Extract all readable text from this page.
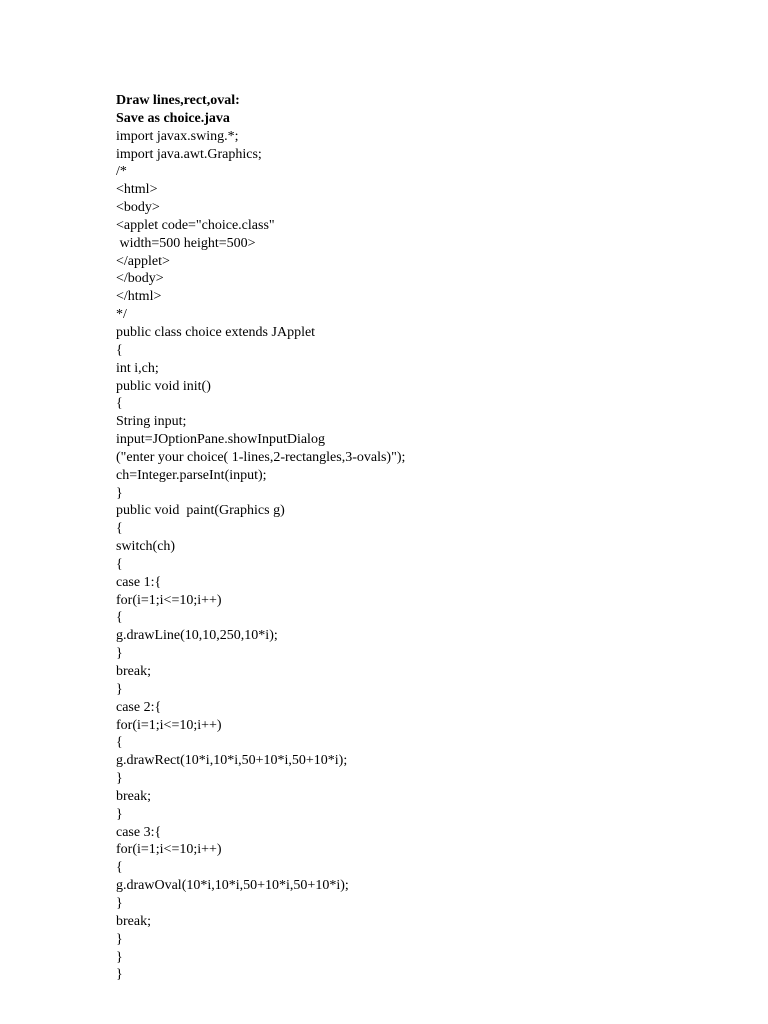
Draw lines,rect,oval:
Save as choice.java
import javax.swing.*;
import java.awt.Graphics;
/*
<html>
<body>
<applet code="choice.class"
width=500 height=500>
</applet>
</body>
</html>
*/
public class choice extends JApplet
{
int i,ch;
public void init()
{
String input;
input=JOptionPane.showInputDialog
("enter your choice( 1-lines,2-rectangles,3-ovals)");
ch=Integer.parseInt(input);
}
public void  paint(Graphics g)
{
switch(ch)
{
case 1:{
for(i=1;i<=10;i++)
{
g.drawLine(10,10,250,10*i);
}
break;
}
case 2:{
for(i=1;i<=10;i++)
{
g.drawRect(10*i,10*i,50+10*i,50+10*i);
}
break;
}
case 3:{
for(i=1;i<=10;i++)
{
g.drawOval(10*i,10*i,50+10*i,50+10*i);
}
break;
}
}
}
